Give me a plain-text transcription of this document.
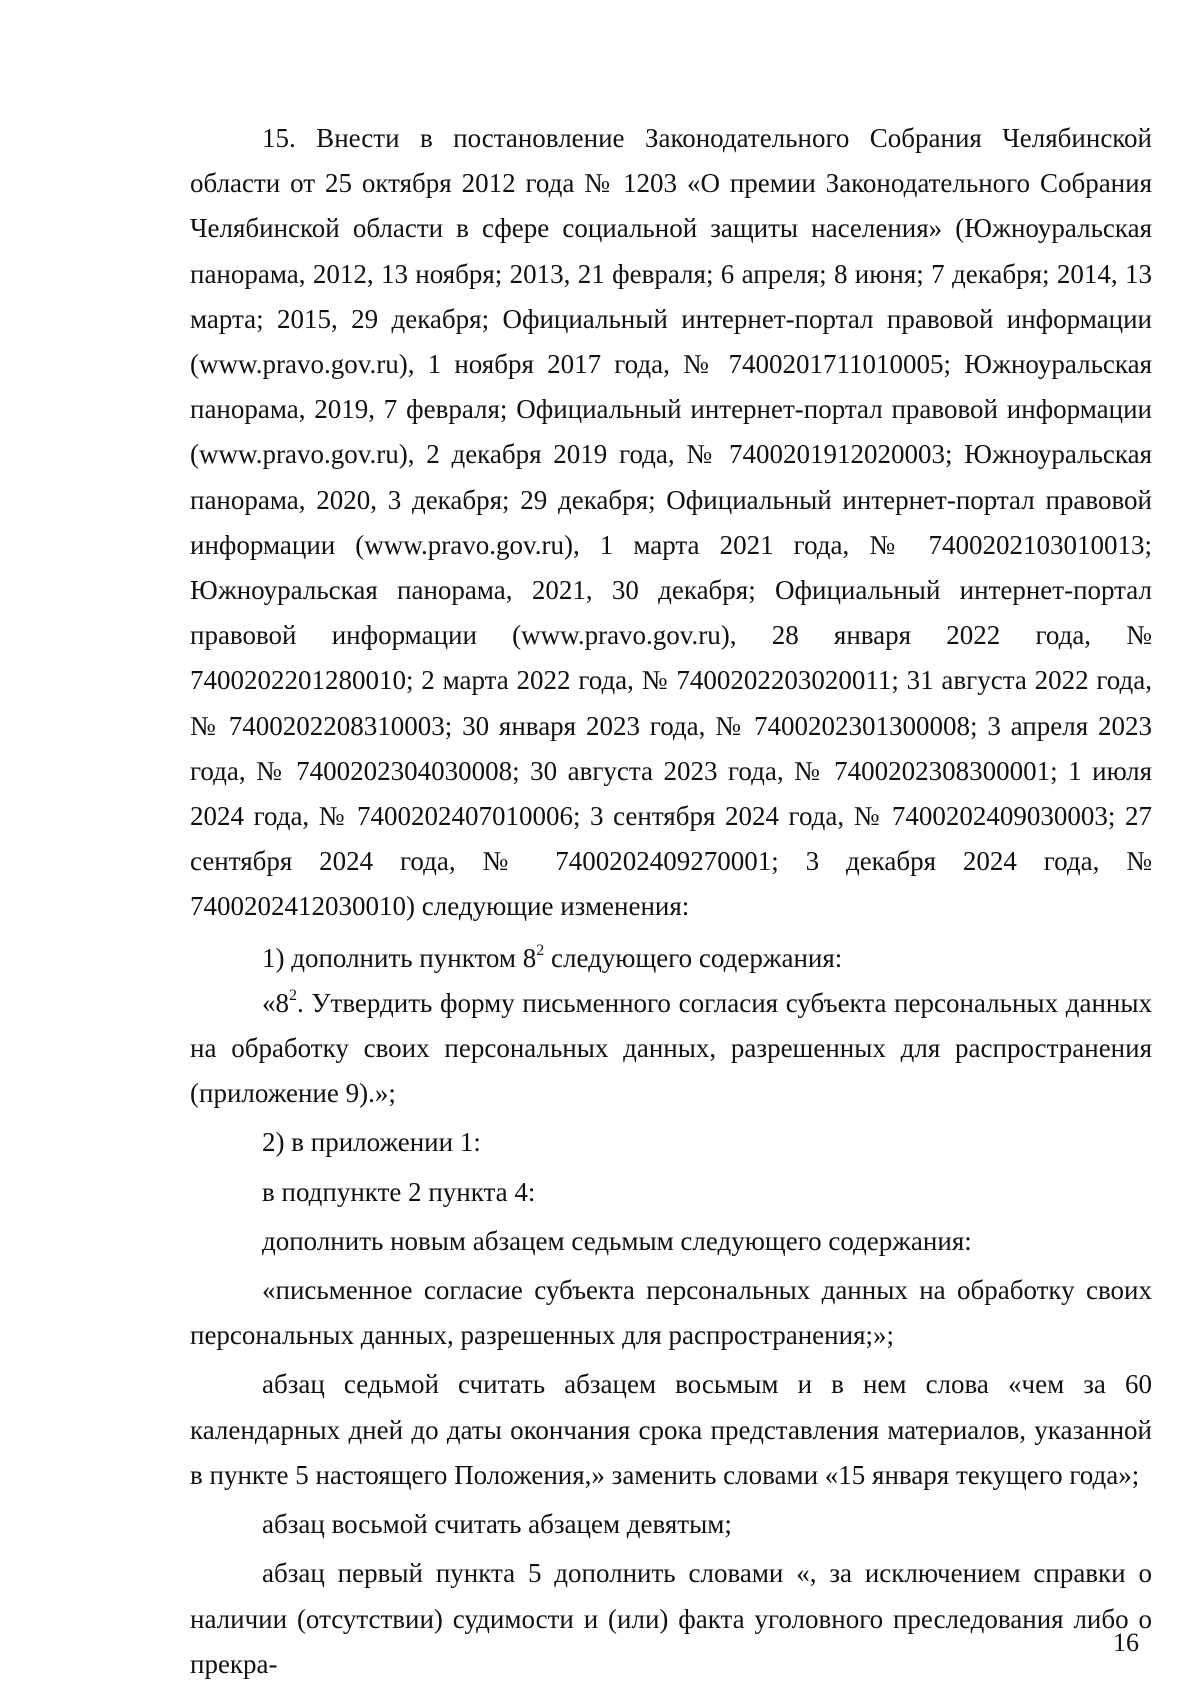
15. Внести в постановление Законодательного Собрания Челябинской области от 25 октября 2012 года № 1203 «О премии Законодательного Собрания Челябинской области в сфере социальной защиты населения» (Южноуральская панорама, 2012, 13 ноября; 2013, 21 февраля; 6 апреля; 8 июня; 7 декабря; 2014, 13 марта; 2015, 29 декабря; Официальный интернет-портал правовой информации (www.pravo.gov.ru), 1 ноября 2017 года, № 7400201711010005; Южноуральская панорама, 2019, 7 февраля; Официальный интернет-портал правовой информации (www.pravo.gov.ru), 2 декабря 2019 года, № 7400201912020003; Южноуральская панорама, 2020, 3 декабря; 29 декабря; Официальный интернет-портал правовой информации (www.pravo.gov.ru), 1 марта 2021 года, № 7400202103010013; Южноуральская панорама, 2021, 30 декабря; Официальный интернет-портал правовой информации (www.pravo.gov.ru), 28 января 2022 года, № 7400202201280010; 2 марта 2022 года, № 7400202203020011; 31 августа 2022 года, № 7400202208310003; 30 января 2023 года, № 7400202301300008; 3 апреля 2023 года, № 7400202304030008; 30 августа 2023 года, № 7400202308300001; 1 июля 2024 года, № 7400202407010006; 3 сентября 2024 года, № 7400202409030003; 27 сентября 2024 года, № 7400202409270001; 3 декабря 2024 года, № 7400202412030010) следующие изменения:

1) дополнить пунктом $8^2$ следующего содержания:

«$8^2$. Утвердить форму письменного согласия субъекта персональных данных на обработку своих персональных данных, разрешенных для распространения (приложение 9).»;

2) в приложении 1:

в подпункте 2 пункта 4:

дополнить новым абзацем седьмым следующего содержания:

«письменное согласие субъекта персональных данных на обработку своих персональных данных, разрешенных для распространения;»;

абзац седьмой считать абзацем восьмым и в нем слова «чем за 60 календарных дней до даты окончания срока представления материалов, указанной в пункте 5 настоящего Положения,» заменить словами «15 января текущего года»;

абзац восьмой считать абзацем девятым;

абзац первый пункта 5 дополнить словами «, за исключением справки о наличии (отсутствии) судимости и (или) факта уголовного преследования либо о прекра-

16
